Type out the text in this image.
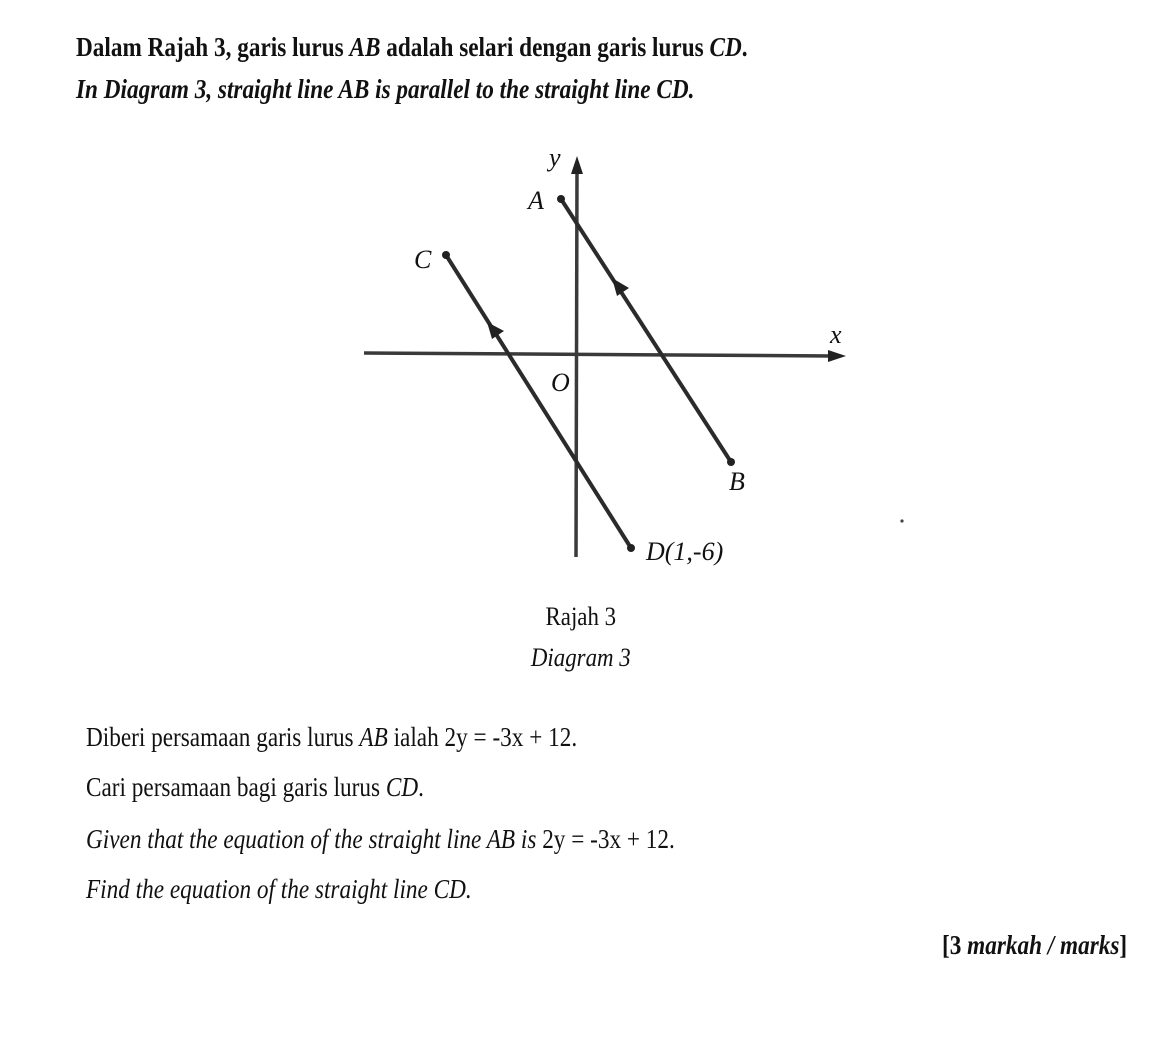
Dalam Rajah 3, garis lurus AB adalah selari dengan garis lurus CD.
In Diagram 3, straight line AB is parallel to the straight line CD.
y
x
O
A
C
B
D(1,-6)
Rajah 3
Diagram 3
Diberi persamaan garis lurus AB ialah 2y = -3x + 12.
Cari persamaan bagi garis lurus CD.
Given that the equation of the straight line AB is 2y = -3x + 12.
Find the equation of the straight line CD.
[3 markah / marks]
